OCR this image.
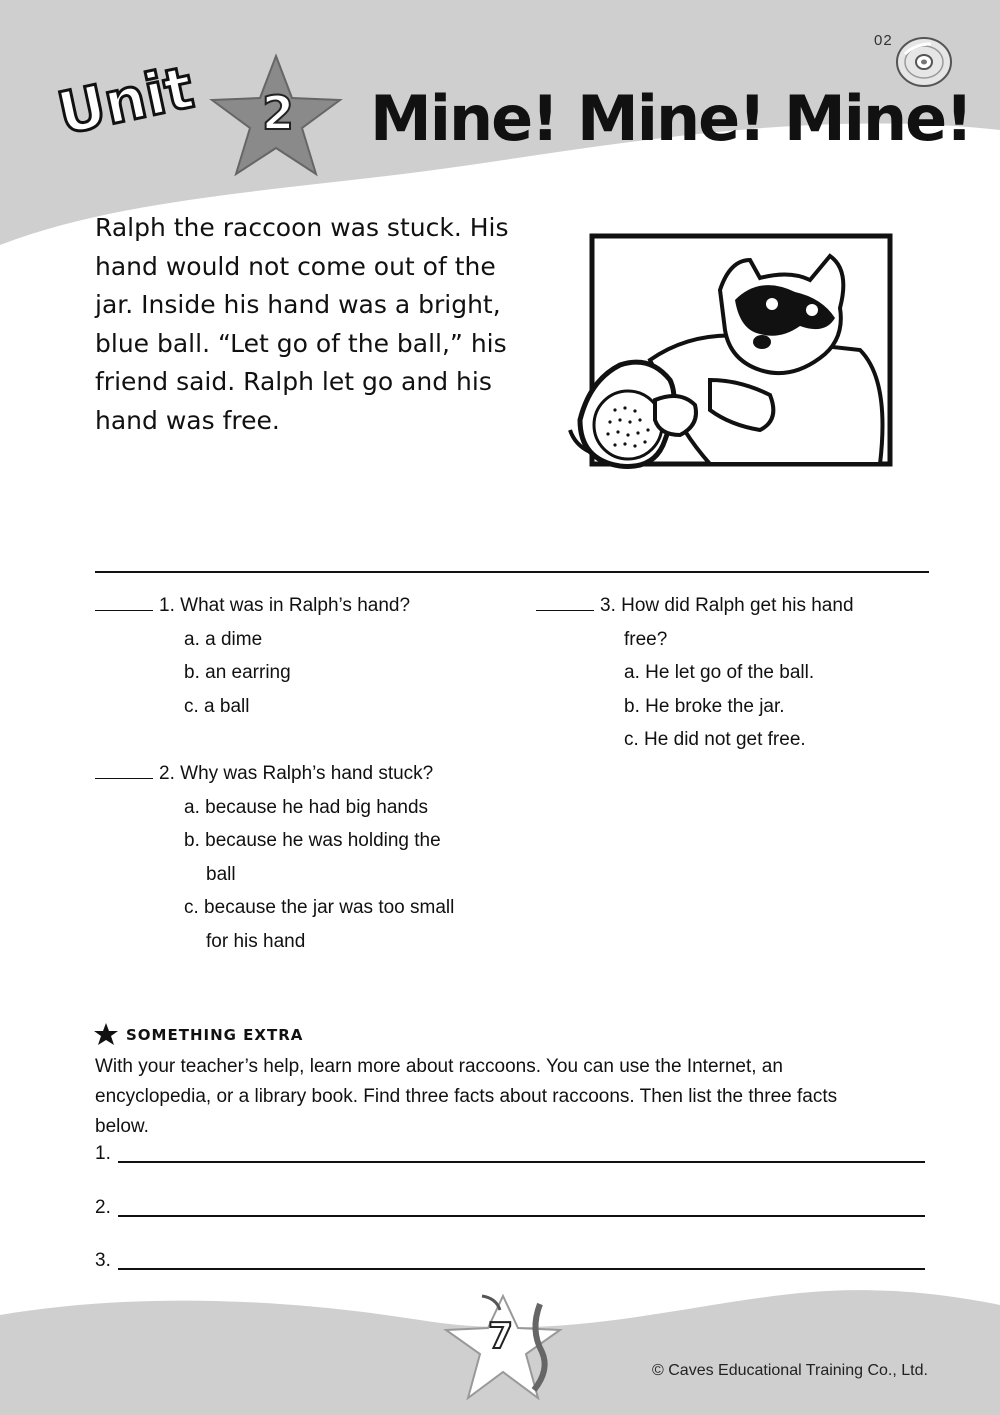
02
Unit	2 Mine! Mine! Mine!
Ralph the raccoon was stuck. His
hand would not come out of the
jar. Inside his hand was a bright,
blue ball. “Let go of the ball,” his
friend said. Ralph let go and his
hand was free.
1. What was in Ralph’s hand?
a. a dime
b. an earring
c. a ball
2. Why was Ralph’s hand stuck?
a. because he had big hands
b. because he was holding the
ball
c. because the jar was too small
for his hand
3. How did Ralph get his hand
free?
a. He let go of the ball.
b. He broke the jar.
c. He did not get free.
SOMETHING EXTRA
With your teacher’s help, learn more about raccoons. You can use the Internet, an
encyclopedia, or a library book. Find three facts about raccoons. Then list the three facts
below.
1.
2.
3.
7
© Caves Educational Training Co., Ltd.
